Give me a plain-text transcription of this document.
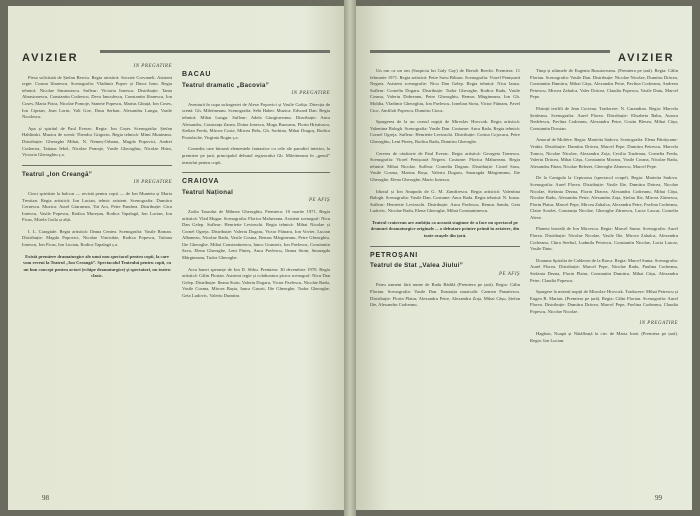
AVIZIER
IN PREGATIRE

Piesa solicitată de Ștefan Berciu. Regia artistică: Socrate Corvaneli. Asistent regie: Cosma Ifianescu. Scenografia: Vladimir Popov și Dinca Ionu. Regia tehnică: Nicolae Simionescu. Sufleur: Victoria Ionescu. Distribuție: Tania Abrasionescu, Constantin Codrescu, Deva Ianculescu, Constantin Ifianescu, Ion Coses, Maria Potra, Nicolae Pomoje, Stanete Popescu, Marius Ghiuță, Ion Coses, Ion Ciprian, Jean Lorin, Vali Goe, Dasu Serban, Alexandru Lungu, Vasile Nicolescu.

Apa și spiritul de Paul Everac. Regia: Ion Coșer. Scenografia: Ștefan Hablinski. Muzica de scenă: Theodor Grigoriu. Regia tehnică: Mimi Munteanu. Distribuție: Gheorghe Mihai, N. Nemeș-Orbanu, Mugda Popovici, Andrei Codarcea, Tatiana Iekel, Nicolae Pomoje, Vasile Gheorghiu, Nicolae Hrim, Victoria Gheorghiu ș.a.

Teatrul „Ion Creangă”
IN PREGATIRE

Cinci spiritiste la balcon — revistă pentru copii — de Ion Munteiu și Maria Trestian. Regia artistică: Ion Lucian, tehnic asistent. Scenografia: Dumitru Cernescu. Muzica: Aurel Giurumea, Titi Acs, Petre Pandrea. Distribuție: Gica Ionescu, Vasile Popescu, Rodica Mureșan, Rodica Tapalagă, Ion Lucian, Ion Ficus, Mirela Goila și alții.

I. L. Caragiale. Regia artistică: Ileana Centea. Scenografia: Vasile Roman. Distribuție: Magda Popovici, Nicolae Vinciubie, Rodica Popescu, Tatiana Ionescu, Ion Ficus, Ion Lucian, Rodica Tapalagă ș.a.

Există premiere dramaturgice ale unui nou spectacol pentru copii, la care vom reveni la Teatrul „Ion Creangă”. Spectacolul Teatrului pentru copii, cu un bun concept pentru actori (echipe dramaturgice) și spectatori, un teatru clasic.

BACAU
Teatrul dramatic „Bacovia”
IN PREGATIRE

Aventură în cupa sufrageriei de Alexe Popovici și Vasile Gafița. Direcția de scenă: Gh. Miletineanu. Scenografia: Sebi Haber. Muzica: Edward Dan. Regia tehnică: Mihai Lungu. Sufleur: Adela Giurgiuveanu. Distribuție: Anca Alexandru, Constanța Zanea, Doina Ionescu, Mugu Buzoanu, Florin Hristiuscu, Stelian Preda, Mircea Coste, Mircea Belu, Gh. Sorbina, Mihai Dragoș, Rodica Postolache, Virginia Rogin ș.a.

Comedia care întrună elementele fantastice cu cele ale parodiei interior, la premiere pe țară, principalul debutul regizorului Gh. Miletineanu în „genul” teatrului pentru copii.

CRAIOVA
Teatrul Național
PE AFIȘ

Zodia Taurului de Mihnea Gheorghiu. Premiera: 10 martie 1971. Regia artistică: Vlad Mugur. Scenografia: Florica Malureanu. Asistent scenograf: Nicu Dan Gelep. Sufleur: Henriette Levinschi. Regia tehnică: Mihai Nicolae și Cornel Ogreja. Distribuție: Valeriu Dogaru, Victor Făinaru, Ion Vovier, Lucian Albanezu, Nicolae Radu, Vasile Cosma, Remus Mărgineanu, Petre Gheorghiu, Ilie Gheorghe, Mihai Constantinescu, Ianco Grunseir, Ion Pavlescu, Constantin Sava, Elena Gheorghe, Leni Pinteș, Anca Pavlescu, Ileana Stoin, Smaragda Mărgineanu, Tudor Gheorghe.

Arca bunei speranțe de Ion D. Sîrbu. Premiera: 30 decembrie 1970. Regia artistică: Călin Florian. Asistent regie și colaborator pictor scenograf: Nicu Dan Gelep. Distribuție: Ileana Stoin, Valeriu Dogaru, Victor Pavlescu, Nicolae Radu, Vasile Cosma, Mircea Bașta, Ianca Gusoti, Ilie Gheorghe, Tudor Gheorghe, Geta Ludovic, Valeriu Dumitru.

98
AVIZIER

Un om ca un om (Suspiciu lui Galy Gay) de Bertolt Brecht. Premiera: 11 februarie 1971. Regia artistică: Petre Savu Biltaru. Scenografia: Viorel Penișoară Negrea. Asistent scenografie: Nicu Dan Gelep. Regia tehnică: Nicu Ianza. Sufleur: Cornelia Dogaru. Distribuție: Tudor Gheorghe, Rodica Radu, Vasile Cosma, Valeriu Dobreanu, Petre Gheorghiu, Remus Mărgineanu, Ion Gh. Moldia, Vladimir Gheorghiu, Ion Pavlescu, Ionelian Siotu, Victor Făinaru, Pavel Cioc, Amfiloh Popescu, Dumitru Cioca.

Spargerea de la un ceasul nopții de Miroslav Hrovcak. Regia artistică: Valentina Balogh. Scenografia: Vasile Dan. Costume: Anca Rada, Regia tehnică: Cornel Ogreja. Sufleur: Henriette Levinschi. Distribuție: Corina Cojocaru, Petre Gheorghiu, Leni Pinteș, Rodica Radu, Dumitru Gheorghe.

Cererea de căsătorie de Paul Everac. Regia artistică: Georgeta Tomescu. Scenografia: Viorel Penișoară Negrea. Costume: Florica Mălureanu. Regia tehnică: Mihai Nicolae. Sufleur: Cornelia Dogaru. Distribuție: Costel Sasu, Vasile Cosma, Marina Roșu, Valeriu Dogaru, Smaragda Mărgineanu, Ilie Gheorghe, Elena Gheorghe, Mario Ionescu.

Idiotul și Ion Anapoda de G. M. Zamfirescu. Regia artistică: Valentina Balogh. Scenografia: Vasile Dan. Costume: Anca Rada. Regia tehnică: N. Ioana. Sufleur: Henriette Levinschi. Distribuție: Anca Pavlescu, Remus Sandu, Geta Ludovic, Nicolae Radu, Elena Gheorghe, Mihai Constantinescu.

Teatrul craiovean are ambiția ca această stagiune de a face un spectacol pe drumuri dramaturgice originale ... o debutare printre primii în aviziere, din toate orașele din țară.

PETROȘANI
Teatrul de Stat „Valea Jiului”
PE AFIȘ

Patru oameni fără nume de Radu Bădilă (Premiera pe țară). Regia: Călin Florian. Scenografia: Vasile Dan. Ilustrația muzicală: Carmen Panaitescu. Distribuție: Florin Platur, Alexandru Petre, Alexandru Zoța, Mihai Cășu, Ștefan Ilie, Alexandru Codreanu.

Timp și ultimele de Eugenia Busuioceanu. (Premiera pe țară). Regia: Călin Florian. Scenografia: Vasile Dan. Distribuție: Nicolae Nicolae, Dumitru Drăcea, Constantin Dumitru, Mihai Cășu, Alexandru Petre, Pavlina Codreanu, Andreea Petrescu, Mircea Zahalca, Valer Drăcea, Claudia Popescu, Vasile Dutu, Marcel Pepe.

Părinții terifili de Jean Cocteau. Traducere: N. Carandino. Regia: Marcela Șeuleanu. Scenografia: Aurel Florea. Distribuție: Elisabeta Babu, Aurora Nedelescu, Pavlina Codreanu, Alexandru Petre, Costin Blesea, Mihai Cășu, Constantin Drosian.

Amorul de Molière. Regia: Marietta Sadova. Scenografia: Elena Pătrășcanu-Veakis. Distribuție: Dumitru Drăcea, Marcel Pepe, Dumitru Petrescu, Marcela Tomcu, Nicolae Nicolae, Alexandru Zoța, Cecilia Trudeanu, Cornelia Preda, Valeriu Drăcea, Mihai Cășu, Constantin Moraru, Vasile Cosma, Nicolae Radu, Alexandru Fătan, Nicolae Belezei, Gheorghe Zârnescu, Marcel Pepe.

De la Canigula la Ceptoarsa (spectacol coupé). Regia: Marietta Sadova. Scenografia: Aurel Florea. Distribuție: Vasile Ilie, Dumitru Drăcea, Nicolae Nicolae, Stefania Dezna, Florin Dracea, Alexandru Codreanu, Mihai Cășu, Nicolae Radu, Alexandru Petre, Alexandru Zoța, Ștefan Ilie, Mircea Zărnescu, Florin Platur, Marcel Pepe, Mircea Zahalca, Alexandru Petre, Pavlina Codreanu, Claire Scarlet, Constanța Nicolae, Gheorghe Zârnescu, Lucia Lascar, Cornelia Alexe.

Planeta boreală de Ion Mircescu. Regia: Marcel Suma. Scenografia: Aurel Florea. Distribuție: Nicolae Nicolae, Vasile Ilie, Mircea Zahalca, Alexandru Codreanu, Chira Sterbul, Ludmila Petrescu, Constantin Nicolae, Lucia Lascar, Vasile Dutu.

Doamna Spiralia de Calderon de la Barca. Regia: Marcel Suma. Scenografia: Aurel Florea. Distribuție: Marcel Pepe, Nicolae Radu, Paulina Codreanu, Stefania Dezna, Florin Platur, Constantin Dumitru, Mihai Cășu, Alexandru Petre, Claudia Popescu.

Spargere la miezul nopții de Miroslav Hrovcak. Traducere: Mihai Petrescu și Eugen B. Marian. (Premiera pe țară). Regia: Călin Florian. Scenografia: Aurel Florea. Distribuție: Dumitru Drăcea, Marcel Pepe, Pavlina Codreanu, Claudia Popescu, Nicolae Nicolae.

IN PREGATIRE

Hagbon, Noapă și Nătăfleață la circ de Maria Ionă. (Premiera pe țară). Regia: Ion Lucian.

99
